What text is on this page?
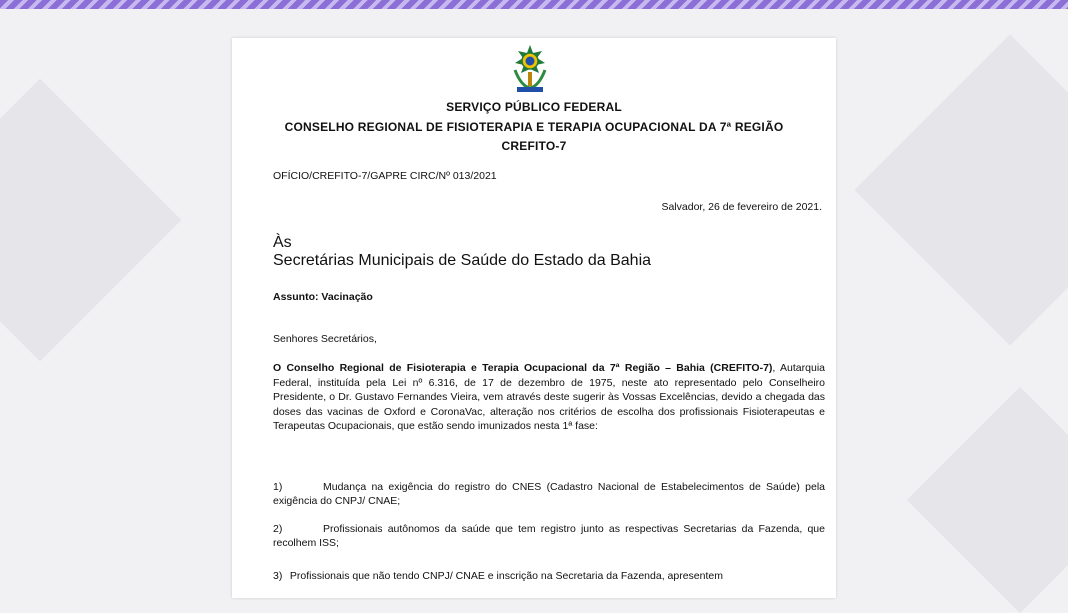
SERVIÇO PÚBLICO FEDERAL
CONSELHO REGIONAL DE FISIOTERAPIA E TERAPIA OCUPACIONAL DA 7ª REGIÃO
CREFITO-7
OFÍCIO/CREFITO-7/GAPRE CIRC/Nº 013/2021
Salvador, 26 de fevereiro de 2021.
Às
Secretárias Municipais de Saúde do Estado da Bahia
Assunto: Vacinação
Senhores Secretários,
O Conselho Regional de Fisioterapia e Terapia Ocupacional da 7ª Região – Bahia (CREFITO-7), Autarquia Federal, instituída pela Lei nº 6.316, de 17 de dezembro de 1975, neste ato representado pelo Conselheiro Presidente, o Dr. Gustavo Fernandes Vieira, vem através deste sugerir às Vossas Excelências, devido a chegada das doses das vacinas de Oxford e CoronaVac, alteração nos critérios de escolha dos profissionais Fisioterapeutas e Terapeutas Ocupacionais, que estão sendo imunizados nesta 1ª fase:
1)	Mudança na exigência do registro do CNES (Cadastro Nacional de Estabelecimentos de Saúde) pela exigência do CNPJ/ CNAE;
2)	Profissionais autônomos da saúde que tem registro junto as respectivas Secretarias da Fazenda, que recolhem ISS;
3) Profissionais que não tendo CNPJ/ CNAE e inscrição na Secretaria da Fazenda, apresentem
